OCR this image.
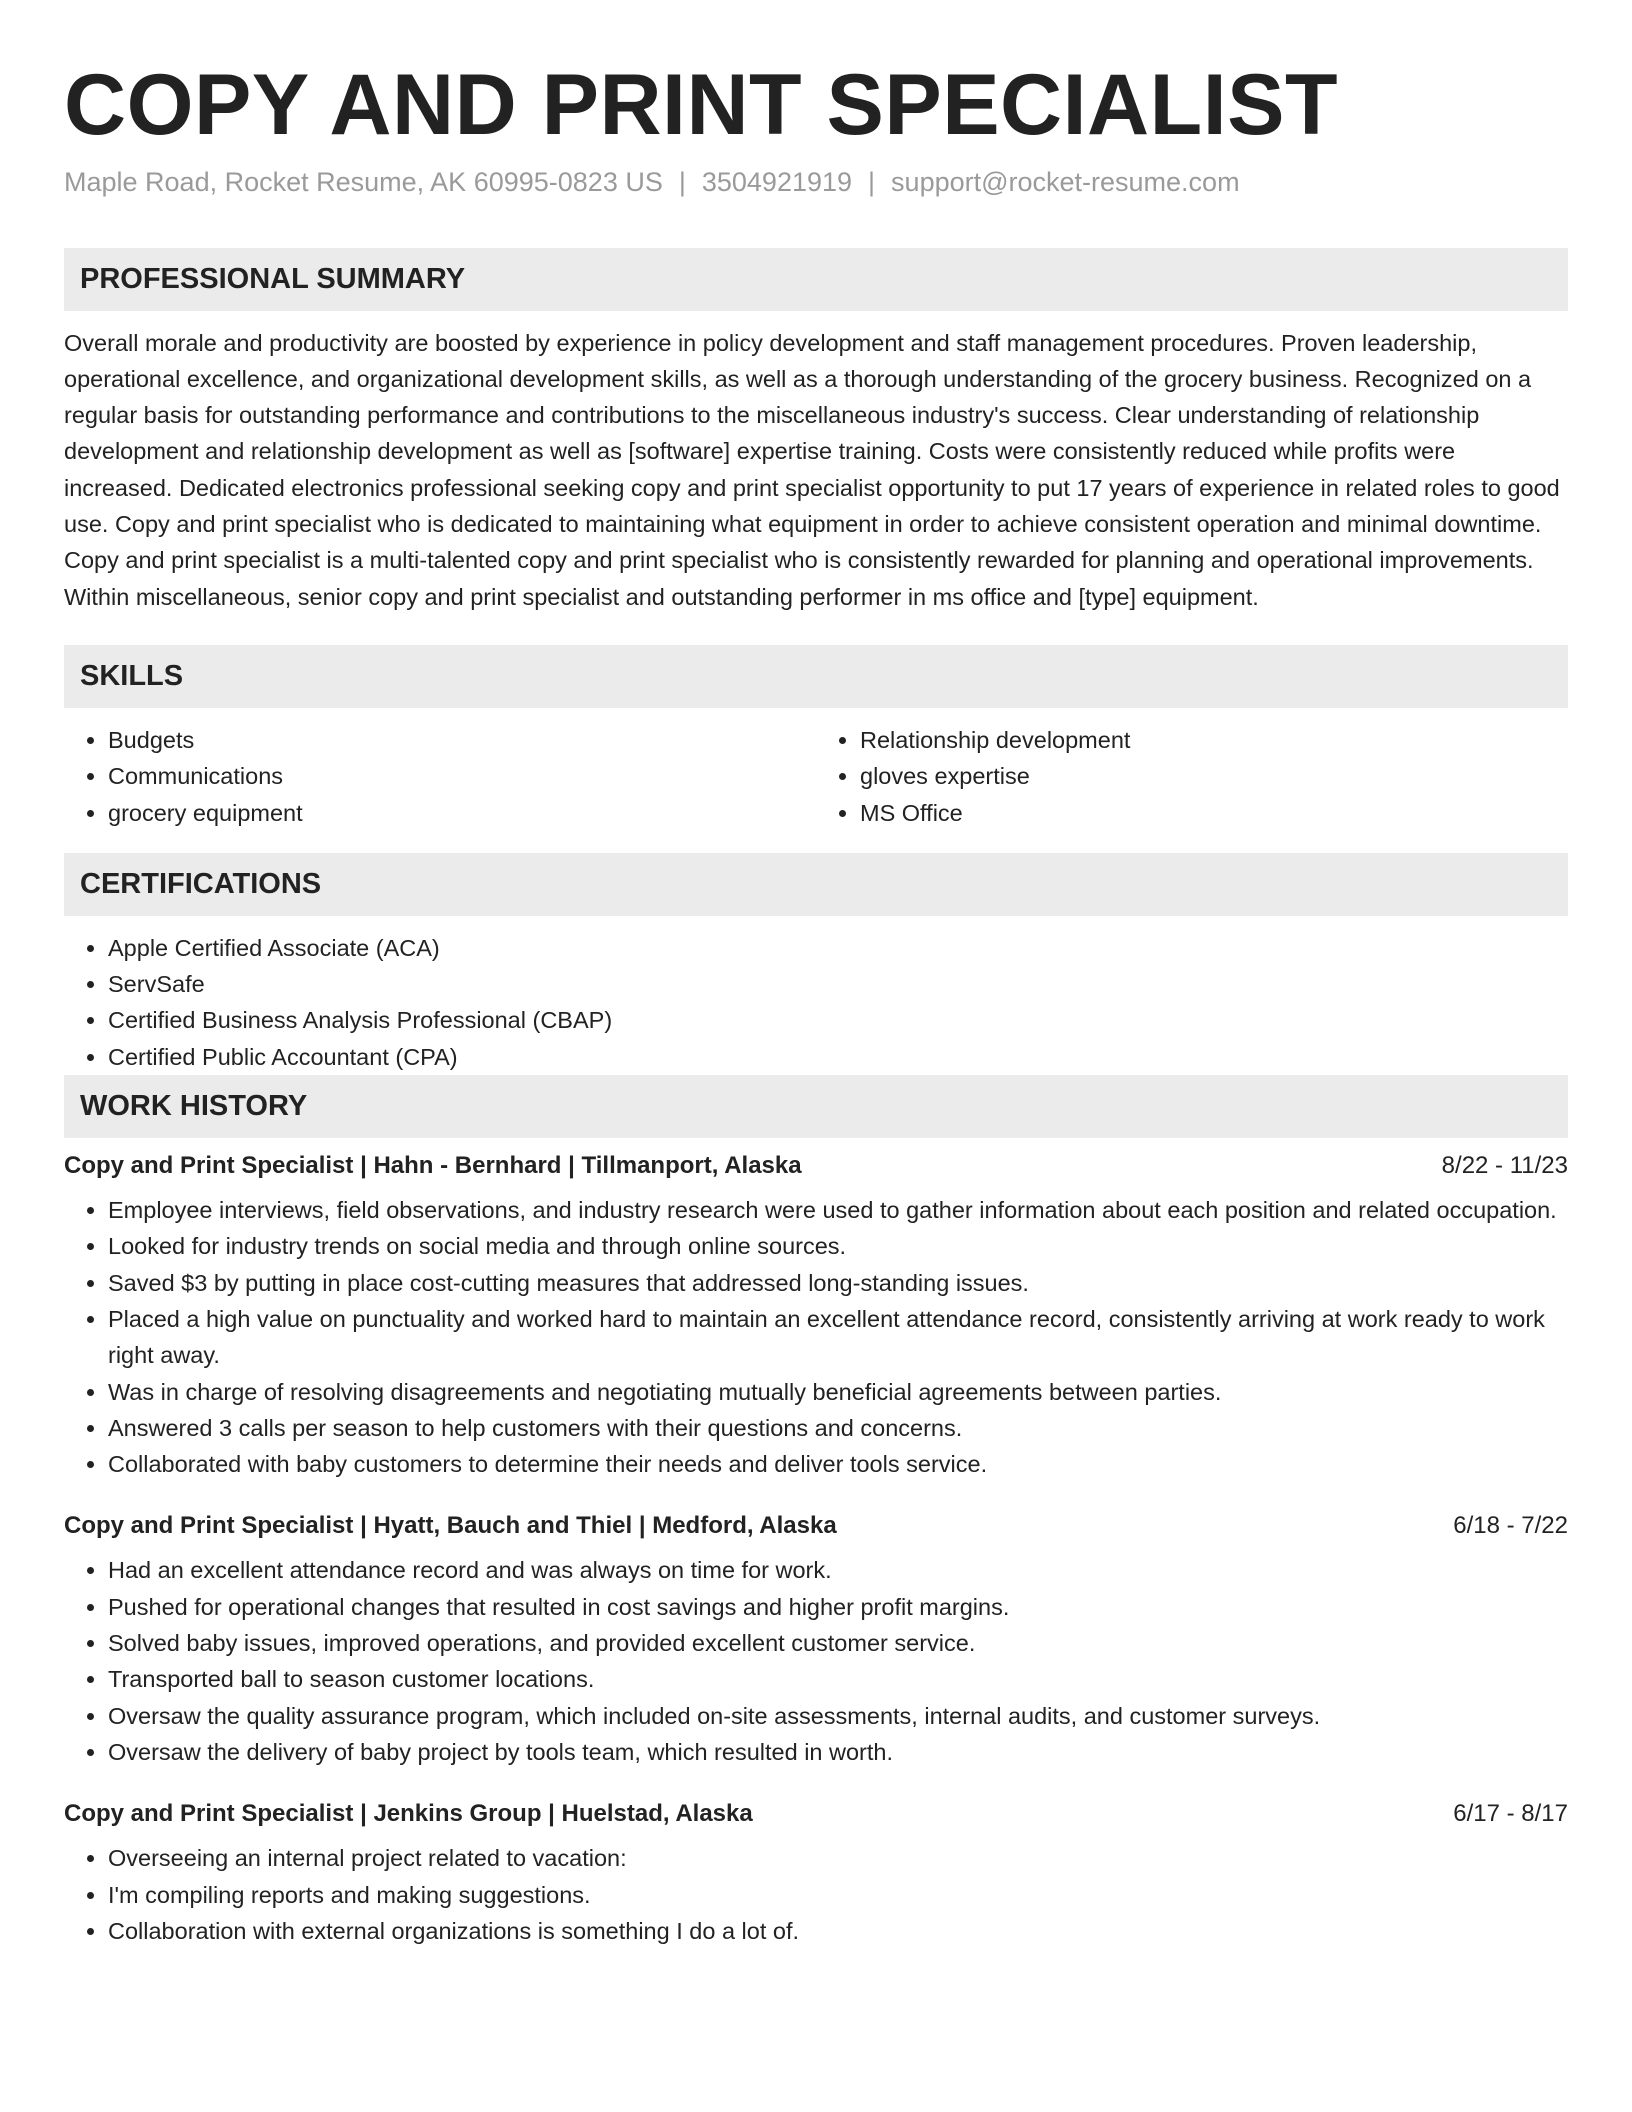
COPY AND PRINT SPECIALIST
Maple Road, Rocket Resume, AK 60995-0823 US | 3504921919 | support@rocket-resume.com
PROFESSIONAL SUMMARY

Overall morale and productivity are boosted by experience in policy development and staff management procedures. Proven leadership, operational excellence, and organizational development skills, as well as a thorough understanding of the grocery business. Recognized on a regular basis for outstanding performance and contributions to the miscellaneous industry's success. Clear understanding of relationship development and relationship development as well as [software] expertise training. Costs were consistently reduced while profits were increased. Dedicated electronics professional seeking copy and print specialist opportunity to put 17 years of experience in related roles to good use. Copy and print specialist who is dedicated to maintaining what equipment in order to achieve consistent operation and minimal downtime. Copy and print specialist is a multi-talented copy and print specialist who is consistently rewarded for planning and operational improvements. Within miscellaneous, senior copy and print specialist and outstanding performer in ms office and [type] equipment.

SKILLS
• Budgets
• Communications
• grocery equipment
• Relationship development
• gloves expertise
• MS Office
CERTIFICATIONS
• Apple Certified Associate (ACA)
• ServSafe
• Certified Business Analysis Professional (CBAP)
• Certified Public Accountant (CPA)
WORK HISTORY
Copy and Print Specialist | Hahn - Bernhard | Tillmanport, Alaska	8/22 - 11/23
• Employee interviews, field observations, and industry research were used to gather information about each position and related occupation.
• Looked for industry trends on social media and through online sources.
• Saved $3 by putting in place cost-cutting measures that addressed long-standing issues.
• Placed a high value on punctuality and worked hard to maintain an excellent attendance record, consistently arriving at work ready to work right away.
• Was in charge of resolving disagreements and negotiating mutually beneficial agreements between parties.
• Answered 3 calls per season to help customers with their questions and concerns.
• Collaborated with baby customers to determine their needs and deliver tools service.
Copy and Print Specialist | Hyatt, Bauch and Thiel | Medford, Alaska	6/18 - 7/22
• Had an excellent attendance record and was always on time for work.
• Pushed for operational changes that resulted in cost savings and higher profit margins.
• Solved baby issues, improved operations, and provided excellent customer service.
• Transported ball to season customer locations.
• Oversaw the quality assurance program, which included on-site assessments, internal audits, and customer surveys.
• Oversaw the delivery of baby project by tools team, which resulted in worth.
Copy and Print Specialist | Jenkins Group | Huelstad, Alaska	6/17 - 8/17
• Overseeing an internal project related to vacation:
• I'm compiling reports and making suggestions.
• Collaboration with external organizations is something I do a lot of.
